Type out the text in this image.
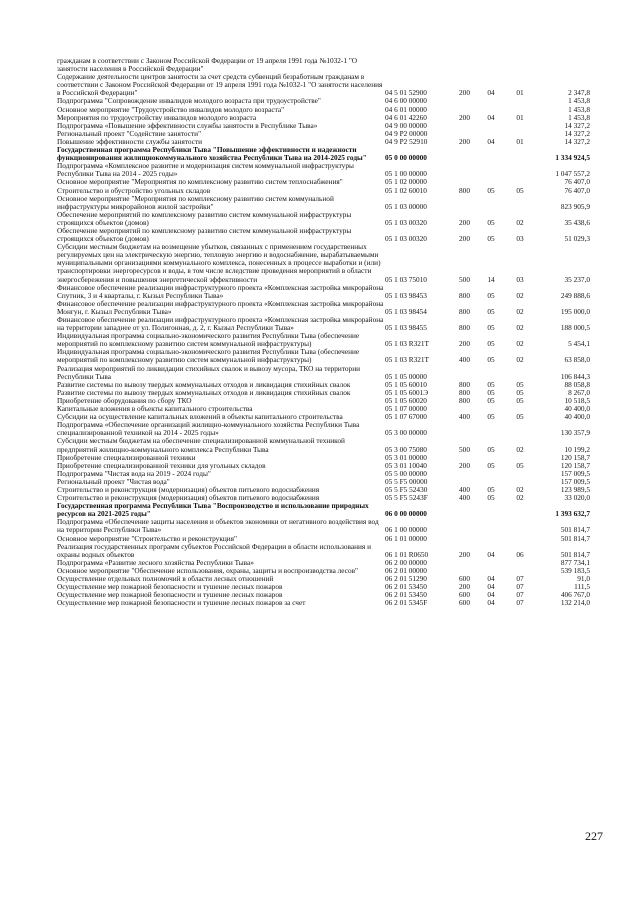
гражданам в соответствии с Законом Российской Федерации от 19 апреля 1991 года №1032-1 "О занятости населения в Российской Федерации"					
Содержание деятельности центров занятости за счет средств субвенций безработным гражданам в соответствии с Законом Российской Федерации от 19 апреля 1991 года №1032-1 "О занятости населения в Российской Федерации"	04 5 01 52900	200	04	01	2 347,8
Подпрограмма "Сопровождение инвалидов молодого возраста при трудоустройстве"	04 6 00 00000				1 453,8
Основное мероприятие "Трудоустройство инвалидов молодого возраста"	04 6 01 00000				1 453,8
Мероприятия по трудоустройству инвалидов молодого возраста	04 6 01 42260	200	04	01	1 453,8
Подпрограмма «Повышение эффективности службы занятости в Республике Тыва»	04 9 00 00000				14 327,2
Региональный проект "Содействие занятости"	04 9 P2 00000				14 327,2
Повышение эффективности службы занятости	04 9 P2 52910	200	04	01	14 327,2
Государственная программа Республики Тыва "Повышение эффективности и надежности функционирования жилищнокоммунального хозяйства Республики Тыва на 2014-2025 годы"	05 0 00 00000				1 334 924,5
Подпрограмма «Комплексное развитие и модернизация систем коммунальной инфраструктуры Республики Тыва на 2014 - 2025 годы»	05 1 00 00000				1 047 557,2
Основное мероприятие "Мероприятия по комплексному развитию систем теплоснабжения"	05 1 02 00000				76 407,0
Строительство и обустройство угольных складов	05 1 02 60010	800	05	05	76 407,0
Основное мероприятие "Мероприятия по комплексному развитию систем коммунальной инфраструктуры микрорайонов жилой застройки"	05 1 03 00000				823 905,9
Обеспечение мероприятий по комплексному развитию систем коммунальной инфраструктуры строящихся объектов (домов)	05 1 03 00320	200	05	02	35 438,6
Обеспечение мероприятий по комплексному развитию систем коммунальной инфраструктуры строящихся объектов (домов)	05 1 03 00320	200	05	03	51 029,3
Субсидии местным бюджетам на возмещение убытков, связанных с применением государственных регулируемых цен на электрическую энергию, тепловую энергию и водоснабжение, вырабатываемыми муниципальными организациями коммунального комплекса, понесенных в процессе выработки и (или) транспортировки энергоресурсов и воды, в том числе вследствие проведения мероприятий в области энергосбережения и повышения энергетической эффективности	05 1 03 75010	500	14	03	35 237,0
Финансовое обеспечение реализации инфраструктурного проекта «Комплексная застройка микрорайона Спутник, 3 и 4 кварталы, г. Кызыл Республики Тыва»	05 1 03 98453	800	05	02	249 888,6
Финансовое обеспечение реализации инфраструктурного проекта «Комплексная застройка микрорайона Монгун, г. Кызыл Республики Тыва»	05 1 03 98454	800	05	02	195 000,0
Финансовое обеспечение реализации инфраструктурного проекта «Комплексная застройка микрорайона на территории западнее от ул. Полигонная, д. 2, г. Кызыл Республики Тыва»	05 1 03 98455	800	05	02	188 000,5
Индивидуальная программа социально-экономического развития Республики Тыва (обеспечение мероприятий по комплексному развитию систем коммунальной инфраструктуры)	05 1 03 R321T	200	05	02	5 454,1
Индивидуальная программа социально-экономического развития Республики Тыва (обеспечение мероприятий по комплексному развитию систем коммунальной инфраструктуры)	05 1 03 R321T	400	05	02	63 858,0
Реализация мероприятий по ликвидации стихийных свалок и вывозу мусора, ТКО на территории Республики Тыва	05 1 05 00000				106 844,3
Развитие системы по вывозу твердых коммунальных отходов и ликвидация стихийных свалок	05 1 05 60010	800	05	05	88 058,8
Развитие системы по вывозу твердых коммунальных отходов и ликвидация стихийных свалок	05 1 05 6001Э	800	05	05	8 267,0
Приобретение оборудования по сбору ТКО	05 1 05 60020	800	05	05	10 518,5
Капитальные вложения в объекты капитального строительства	05 1 07 00000				40 400,0
Субсидии на осуществление капитальных вложений в объекты капитального строительства	05 1 07 67000	400	05	05	40 400,0
Подпрограмма «Обеспечение организаций жилищно-коммунального хозяйства Республики Тыва специализированной техникой на 2014 - 2025 годы»	05 3 00 00000				130 357,9
Субсидии местным бюджетам на обеспечение специализированной коммунальной техникой предприятий жилищно-коммунального комплекса Республики Тыва	05 3 00 75080	500	05	02	10 199,2
Приобретение специализированной техники	05 3 01 00000				120 158,7
Приобретение специализированной техники для угольных складов	05 3 01 10040	200	05	05	120 158,7
Подпрограмма "Чистая вода на 2019 - 2024 годы"	05 5 00 00000				157 009,5
Региональный проект "Чистая вода"	05 5 F5 00000				157 009,5
Строительство и реконструкция (модернизация) объектов питьевого водоснабжения	05 5 F5 52430	400	05	02	123 989,5
Строительство и реконструкция (модернизация) объектов питьевого водоснабжения	05 5 F5 5243F	400	05	02	33 020,0
Государственная программа Республики Тыва "Воспроизводство и использование природных ресурсов на 2021-2025 годы"	06 0 00 00000				1 393 632,7
Подпрограмма «Обеспечение защиты населения и объектов экономики от негативного воздействия вод на территории Республики Тыва»	06 1 00 00000				501 814,7
Основное мероприятие "Строительство и реконструкция"	06 1 01 00000				501 814,7
Реализация государственных программ субъектов Российской Федерации в области использования и охраны водных объектов	06 1 01 R0650	200	04	06	501 814,7
Подпрограмма «Развитие лесного хозяйства Республики Тыва»	06 2 00 00000				877 734,1
Основное мероприятие "Обеспечение использования, охраны, защиты и воспроизводства лесов"	06 2 01 00000				539 183,5
Осуществление отдельных полномочий в области лесных отношений	06 2 01 51290	600	04	07	91,0
Осуществление мер пожарной безопасности и тушение лесных пожаров	06 2 01 53450	200	04	07	111,5
Осуществление мер пожарной безопасности и тушение лесных пожаров	06 2 01 53450	600	04	07	406 767,0
Осуществление мер пожарной безопасности и тушение лесных пожаров за счет	06 2 01 5345F	600	04	07	132 214,0
227
